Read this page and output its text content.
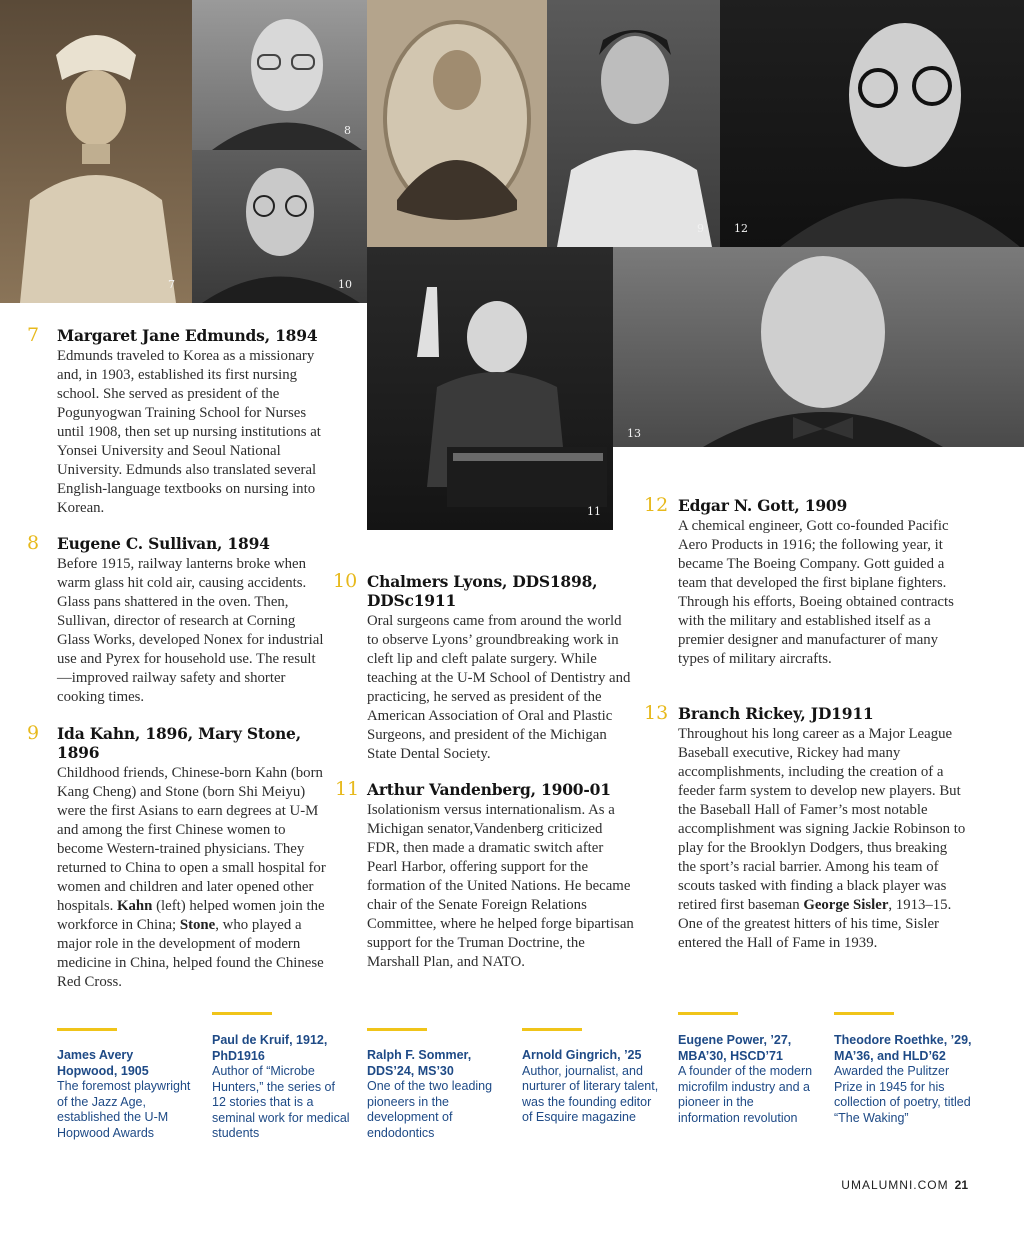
7
8
10
9	12
11
13
7 Margaret Jane Edmunds, 1894

Edmunds traveled to Korea as a missionary and, in 1903, established its first nursing school. She served as president of the Pogunyogwan Training School for Nurses until 1908, then set up nursing institutions at Yonsei University and Seoul National University. Edmunds also translated several English-language textbooks on nursing into Korean.

8 Eugene C. Sullivan, 1894

Before 1915, railway lanterns broke when warm glass hit cold air, causing accidents. Glass pans shattered in the oven. Then, Sullivan, director of research at Corning Glass Works, developed Nonex for industrial use and Pyrex for household use. The result—improved railway safety and shorter cooking times.

9 Ida Kahn, 1896, Mary Stone, 1896

Childhood friends, Chinese-born Kahn (born Kang Cheng) and Stone (born Shi Meiyu) were the first Asians to earn degrees at U-M and among the first Chinese women to become Western-trained physicians. They returned to China to open a small hospital for women and children and later opened other hospitals. Kahn (left) helped women join the workforce in China; Stone, who played a major role in the development of modern medicine in China, helped found the Chinese Red Cross.

10 Chalmers Lyons, DDS1898, DDSc1911

Oral surgeons came from around the world to observe Lyons’ groundbreaking work in cleft lip and cleft palate surgery. While teaching at the U-M School of Dentistry and practicing, he served as president of the American Association of Oral and Plastic Surgeons, and president of the Michigan State Dental Society.

11 Arthur Vandenberg, 1900-01

Isolationism versus internationalism. As a Michigan senator,Vandenberg criticized FDR, then made a dramatic switch after Pearl Harbor, offering support for the formation of the United Nations. He became chair of the Senate Foreign Relations Committee, where he helped forge bipartisan support for the Truman Doctrine, the Marshall Plan, and NATO.

12 Edgar N. Gott, 1909

A chemical engineer, Gott co-founded Pacific Aero Products in 1916; the following year, it became The Boeing Company. Gott guided a team that developed the first biplane fighters. Through his efforts, Boeing obtained contracts with the military and established itself as a premier designer and manufacturer of many types of military aircrafts.

13 Branch Rickey, JD1911

Throughout his long career as a Major League Baseball executive, Rickey had many accomplishments, including the creation of a feeder farm system to develop new players. But the Baseball Hall of Famer’s most notable accomplishment was signing Jackie Robinson to play for the Brooklyn Dodgers, thus breaking the sport’s racial barrier. Among his team of scouts tasked with finding a black player was retired first baseman George Sisler, 1913–15. One of the greatest hitters of his time, Sisler entered the Hall of Fame in 1939.

James Avery Hopwood, 1905
The foremost playwright of the Jazz Age, established the U-M Hopwood Awards
Paul de Kruif, 1912, PhD1916
Author of “Microbe Hunters,” the series of 12 stories that is a seminal work for medical students
Ralph F. Sommer, DDS’24, MS’30
One of the two leading pioneers in the development of endodontics
Arnold Gingrich, ’25
Author, journalist, and nurturer of literary talent, was the founding editor of Esquire magazine
Eugene Power, ’27, MBA’30, HSCD’71
A founder of the modern microfilm industry and a pioneer in the information revolution
Theodore Roethke, ’29, MA’36, and HLD’62
Awarded the Pulitzer Prize in 1945 for his collection of poetry, titled “The Waking”
UMALUMNI.COM 21
